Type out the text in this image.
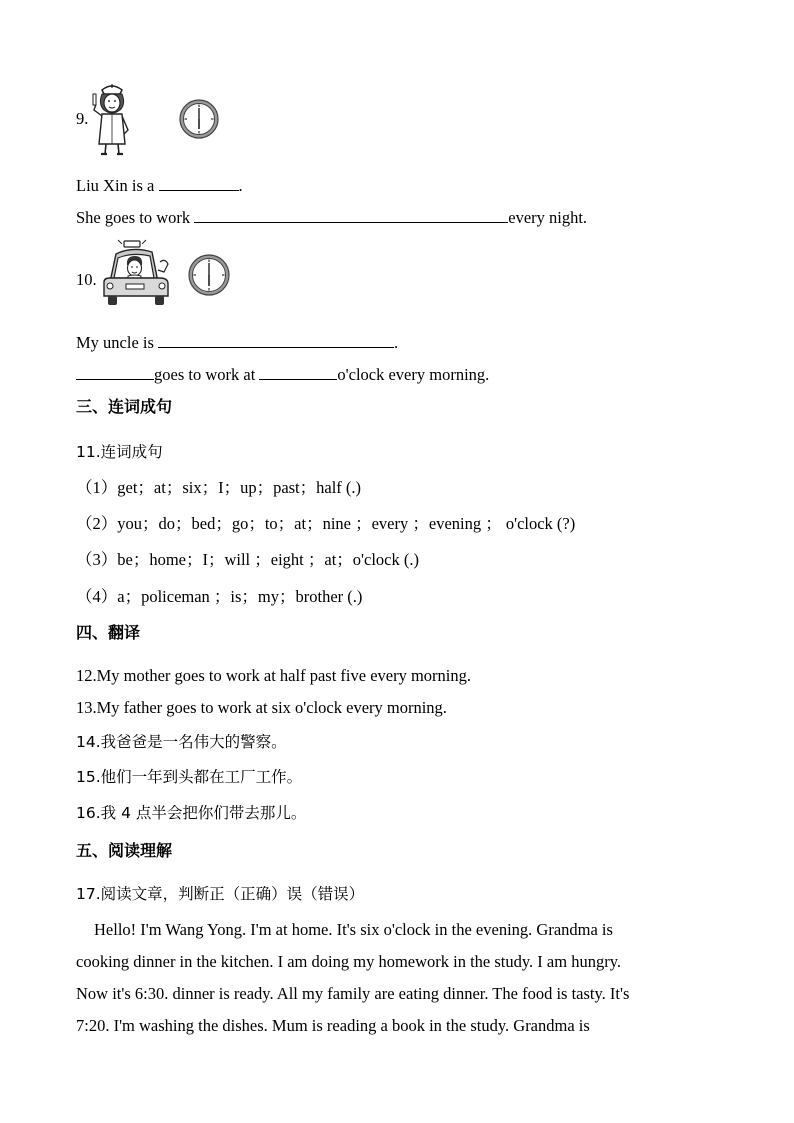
9.
Liu Xin is a	.
She goes to work	every night.
10.
My uncle is	.
goes to work at	o'clock every morning.
三、连词成句
11.连词成句
（1）get；at；six；I；up；past；half (.)
（2）you；do；bed；go；to；at；nine ；every ；evening ； o'clock (?)
（3）be；home；I；will ；eight ；at；o'clock (.)
（4）a；policeman ；is；my；brother (.)
四、翻译
12.My mother goes to work at half past five every morning.
13.My father goes to work at six o'clock every morning.
14.我爸爸是一名伟大的警察。
15.他们一年到头都在工厂工作。
16.我 4 点半会把你们带去那儿。
五、阅读理解
17.阅读文章，判断正（正确）误（错误）
Hello! I'm Wang Yong. I'm at home. It's six o'clock in the evening. Grandma is
cooking dinner in the kitchen. I am doing my homework in the study. I am hungry.
Now it's 6:30. dinner is ready. All my family are eating dinner. The food is tasty. It's
7:20. I'm washing the dishes. Mum is reading a book in the study. Grandma is
